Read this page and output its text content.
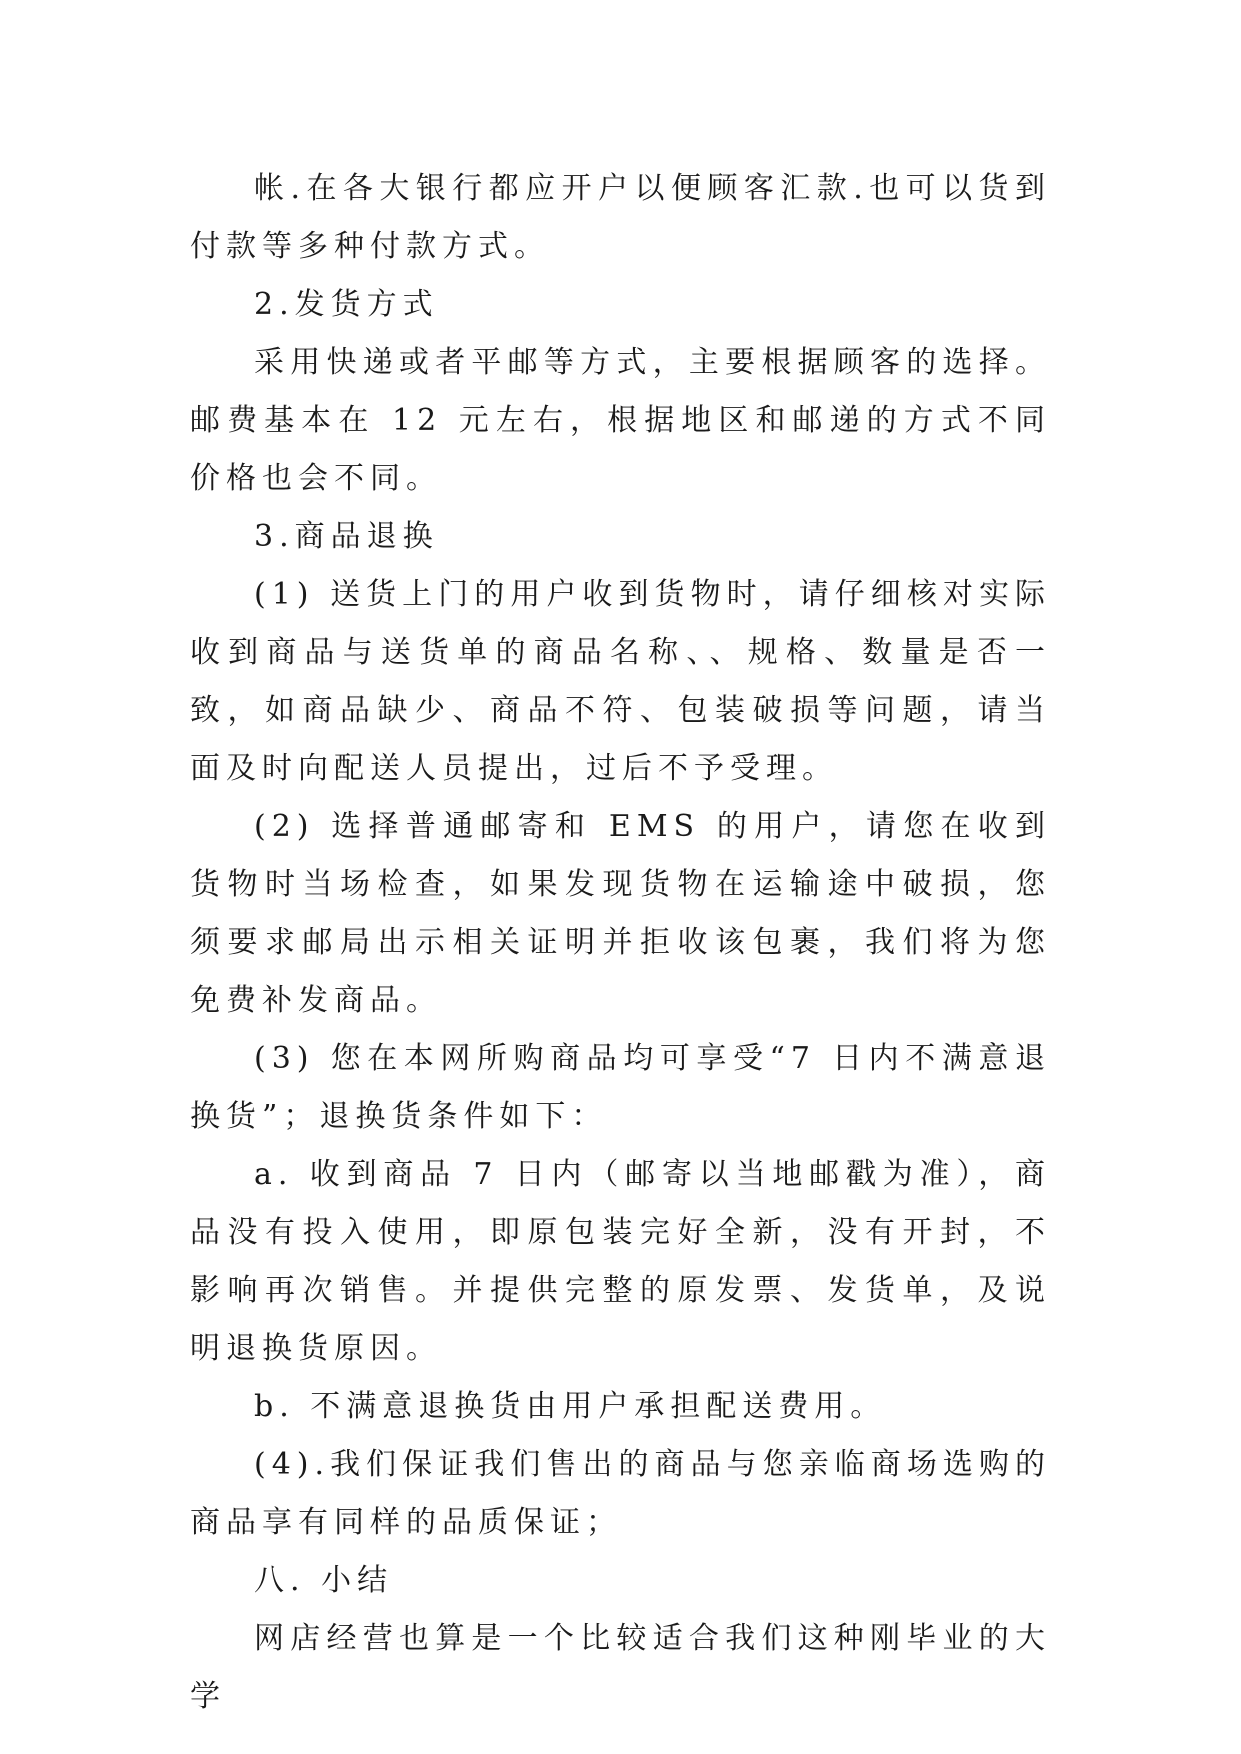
帐.在各大银行都应开户以便顾客汇款.也可以货到付款等多种付款方式。

2.发货方式

采用快递或者平邮等方式，主要根据顾客的选择。邮费基本在 12 元左右，根据地区和邮递的方式不同价格也会不同。

3.商品退换

(1) 送货上门的用户收到货物时，请仔细核对实际收到商品与送货单的商品名称、、规格、数量是否一致，如商品缺少、商品不符、包装破损等问题，请当面及时向配送人员提出，过后不予受理。

(2) 选择普通邮寄和 EMS 的用户，请您在收到货物时当场检查，如果发现货物在运输途中破损，您须要求邮局出示相关证明并拒收该包裹，我们将为您免费补发商品。

(3) 您在本网所购商品均可享受“7 日内不满意退换货”；退换货条件如下：

a. 收到商品 7 日内（邮寄以当地邮戳为准），商品没有投入使用，即原包装完好全新，没有开封，不影响再次销售。并提供完整的原发票、发货单，及说明退换货原因。

b. 不满意退换货由用户承担配送费用。

(4).我们保证我们售出的商品与您亲临商场选购的商品享有同样的品质保证；

八. 小结

网店经营也算是一个比较适合我们这种刚毕业的大学
